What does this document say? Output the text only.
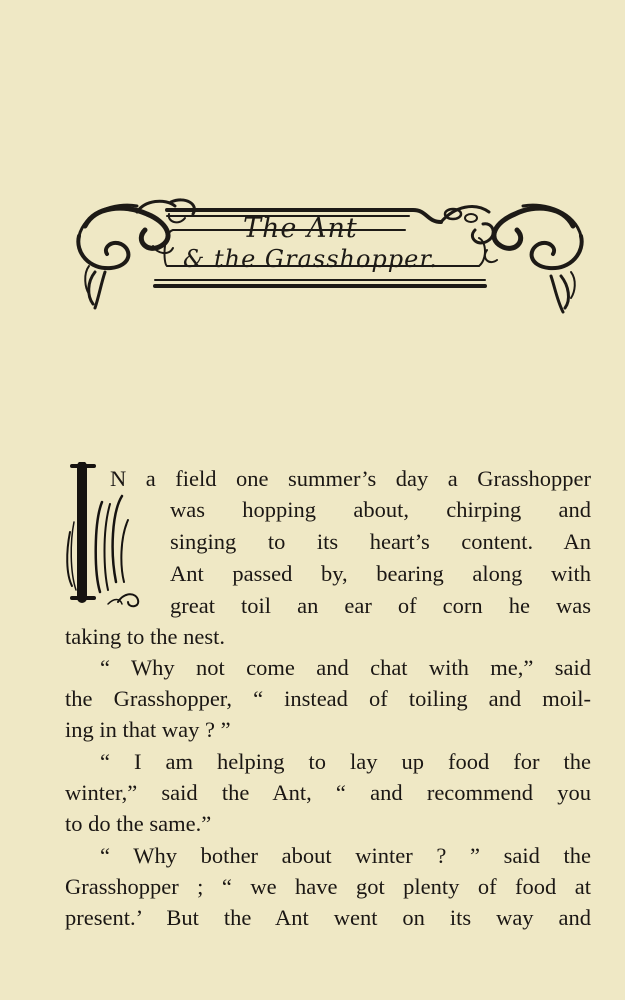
The Ant
& the Grasshopper.
N a field one summer’s day a Grasshopper
was hopping about, chirping and
singing to its heart’s content. An
Ant passed by, bearing along with
great toil an ear of corn he was
taking to the nest.
“ Why not come and chat with me,” said
the Grasshopper, “ instead of toiling and moil-
ing in that way ? ”
“ I am helping to lay up food for the
winter,” said the Ant, “ and recommend you
to do the same.”
“ Why bother about winter ? ” said the
Grasshopper ; “ we have got plenty of food at
present.’ But the Ant went on its way and
